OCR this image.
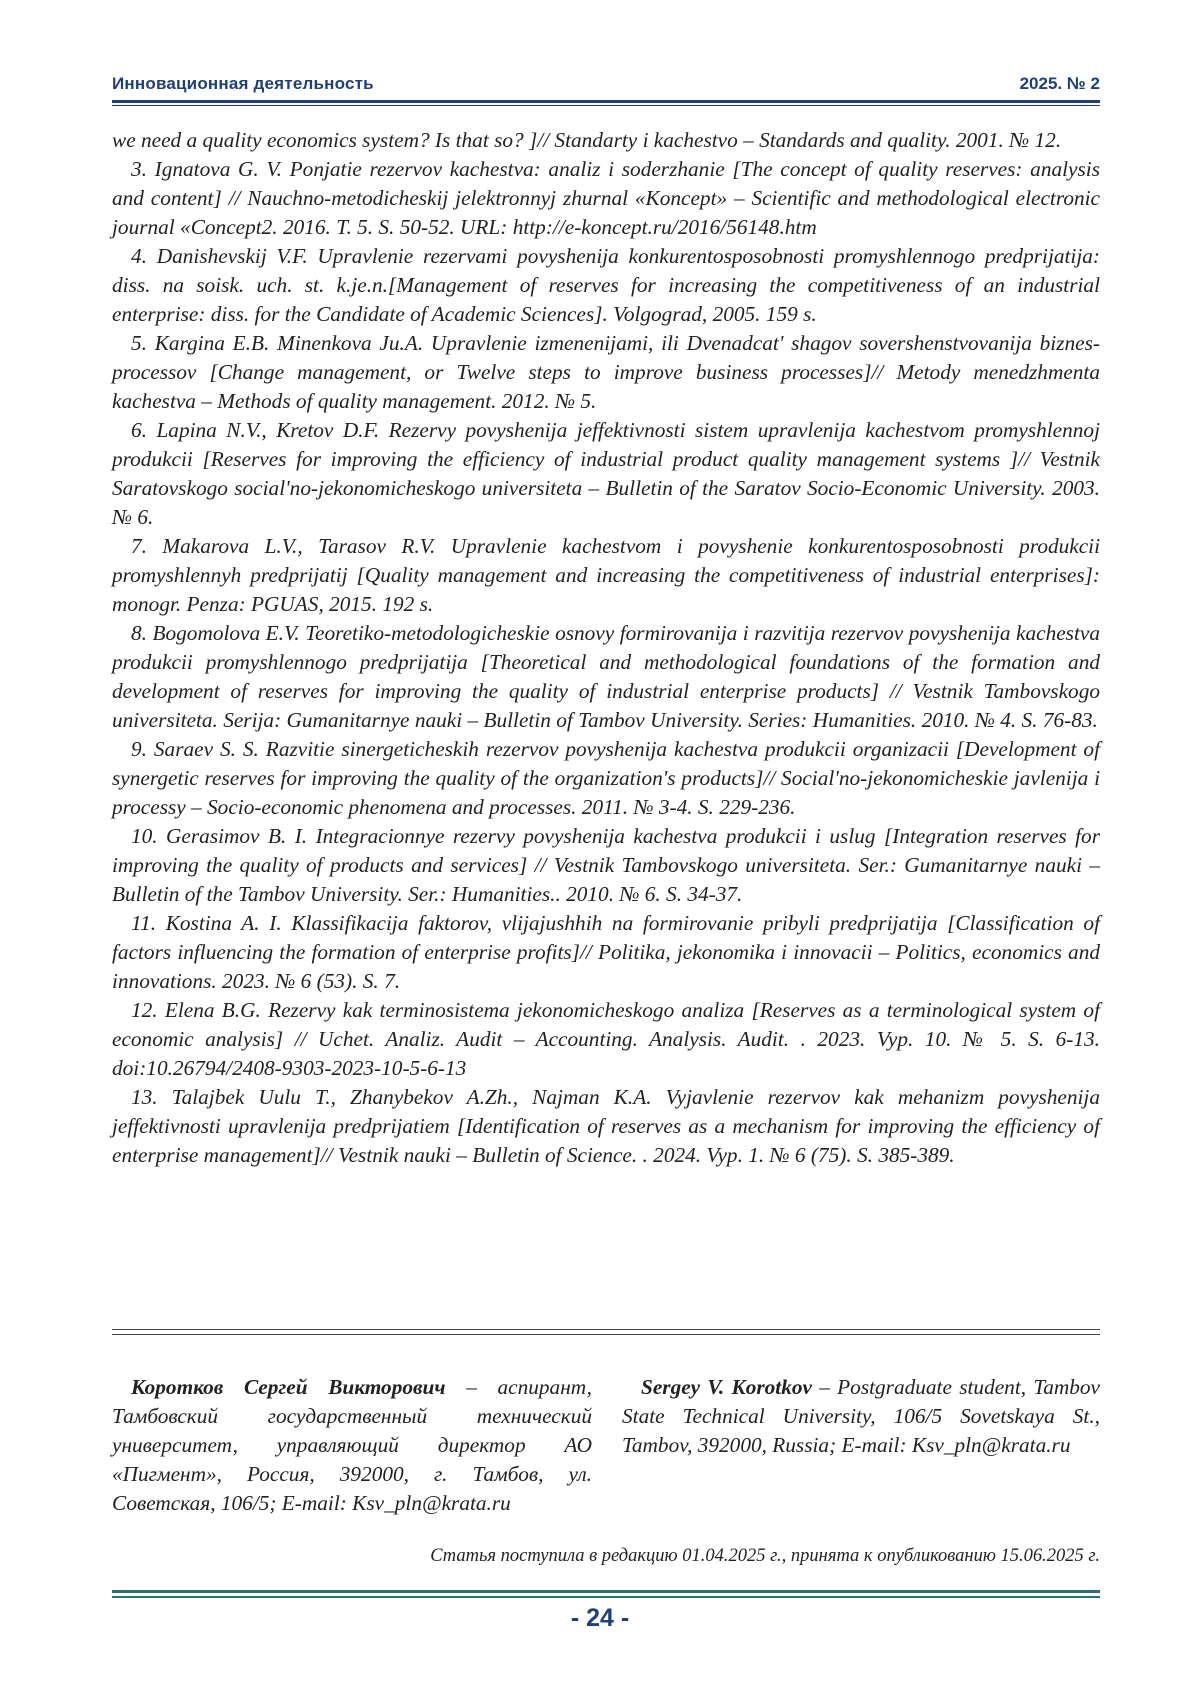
Инновационная деятельность	2025. № 2

we need a quality economics system? Is that so? ]// Standarty i kachestvo – Standards and quality. 2001. № 12.

3. Ignatova G. V. Ponjatie rezervov kachestva: analiz i soderzhanie [The concept of quality reserves: analysis and content] // Nauchno-metodicheskij jelektronnyj zhurnal «Koncept» – Scientific and methodological electronic journal «Concept2. 2016. T. 5. S. 50-52. URL: http://e-koncept.ru/2016/56148.htm

4. Danishevskij V.F. Upravlenie rezervami povyshenija konkurentosposobnosti promyshlennogo predprijatija: diss. na soisk. uch. st. k.je.n.[Management of reserves for increasing the competitiveness of an industrial enterprise: diss. for the Candidate of Academic Sciences]. Volgograd, 2005. 159 s.

5. Kargina E.B. Minenkova Ju.A. Upravlenie izmenenijami, ili Dvenadcat' shagov sovershenstvovanija biznes-processov [Change management, or Twelve steps to improve business processes]// Metody menedzhmenta kachestva – Methods of quality management. 2012. № 5.

6. Lapina N.V., Kretov D.F. Rezervy povyshenija jeffektivnosti sistem upravlenija kachestvom promyshlennoj produkcii [Reserves for improving the efficiency of industrial product quality management systems ]// Vestnik Saratovskogo social'no-jekonomicheskogo universiteta – Bulletin of the Saratov Socio-Economic University. 2003. № 6.

7. Makarova L.V., Tarasov R.V. Upravlenie kachestvom i povyshenie konkurentosposobnosti produkcii promyshlennyh predprijatij [Quality management and increasing the competitiveness of industrial enterprises]: monogr. Penza: PGUAS, 2015. 192 s.

8. Bogomolova E.V. Teoretiko-metodologicheskie osnovy formirovanija i razvitija rezervov povyshenija kachestva produkcii promyshlennogo predprijatija [Theoretical and methodological foundations of the formation and development of reserves for improving the quality of industrial enterprise products] // Vestnik Tambovskogo universiteta. Serija: Gumanitarnye nauki – Bulletin of Tambov University. Series: Humanities. 2010. № 4. S. 76-83.

9. Saraev S. S. Razvitie sinergeticheskih rezervov povyshenija kachestva produkcii organizacii [Development of synergetic reserves for improving the quality of the organization's products]// Social'no-jekonomicheskie javlenija i processy – Socio-economic phenomena and processes. 2011. № 3-4. S. 229-236.

10. Gerasimov B. I. Integracionnye rezervy povyshenija kachestva produkcii i uslug [Integration reserves for improving the quality of products and services] // Vestnik Tambovskogo universiteta. Ser.: Gumanitarnye nauki – Bulletin of the Tambov University. Ser.: Humanities.. 2010. № 6. S. 34-37.

11. Kostina A. I. Klassifikacija faktorov, vlijajushhih na formirovanie pribyli predprijatija [Classification of factors influencing the formation of enterprise profits]// Politika, jekonomika i innovacii – Politics, economics and innovations. 2023. № 6 (53). S. 7.

12. Elena B.G. Rezervy kak terminosistema jekonomicheskogo analiza [Reserves as a terminological system of economic analysis] // Uchet. Analiz. Audit – Accounting. Analysis. Audit. . 2023. Vyp. 10. № 5. S. 6-13. doi:10.26794/2408-9303-2023-10-5-6-13

13. Talajbek Uulu T., Zhanybekov A.Zh., Najman K.A. Vyjavlenie rezervov kak mehanizm povyshenija jeffektivnosti upravlenija predprijatiem [Identification of reserves as a mechanism for improving the efficiency of enterprise management]// Vestnik nauki – Bulletin of Science. . 2024. Vyp. 1. № 6 (75). S. 385-389.

Коротков Сергей Викторович – аспирант, Тамбовский государственный технический университет, управляющий директор АО «Пигмент», Россия, 392000, г. Тамбов, ул. Советская, 106/5; E-mail: Ksv_pln@krata.ru
Sergey V. Korotkov – Postgraduate student, Tambov State Technical University, 106/5 Sovetskaya St., Tambov, 392000, Russia; E-mail: Ksv_pln@krata.ru
Статья поступила в редакцию 01.04.2025 г., принята к опубликованию 15.06.2025 г.
- 24 -
